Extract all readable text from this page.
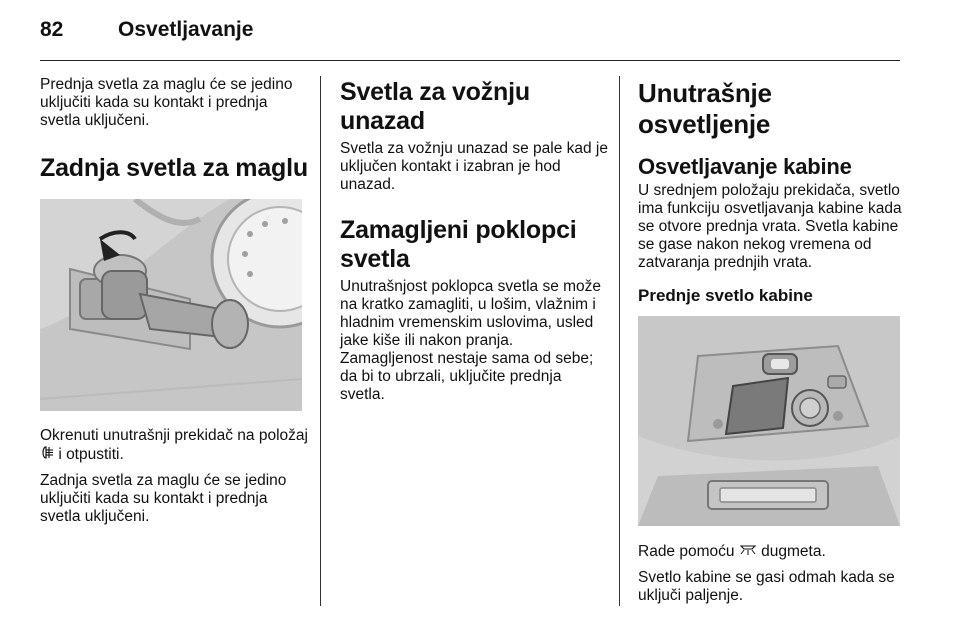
82	Osvetljavanje

Prednja svetla za maglu će se jedino uključiti kada su kontakt i prednja svetla uključeni.

Zadnja svetla za maglu

Okrenuti unutrašnji prekidač na položaj  i otpustiti.

Zadnja svetla za maglu će se jedino uključiti kada su kontakt i prednja svetla uključeni.

Svetla za vožnju unazad

Svetla za vožnju unazad se pale kad je uključen kontakt i izabran je hod unazad.

Zamagljeni poklopci svetla

Unutrašnjost poklopca svetla se može na kratko zamagliti, u lošim, vlažnim i hladnim vremenskim uslovima, usled jake kiše ili nakon pranja. Zamagljenost nestaje sama od sebe; da bi to ubrzali, uključite prednja svetla.

Unutrašnje osvetljenje
Osvetljavanje kabine

U srednjem položaju prekidača, svetlo ima funkciju osvetljavanja kabine kada se otvore prednja vrata. Svetla kabine se gase nakon nekog vremena od zatvaranja prednjih vrata.

Prednje svetlo kabine

Rade pomoću dugmeta.

Svetlo kabine se gasi odmah kada se uključi paljenje.
